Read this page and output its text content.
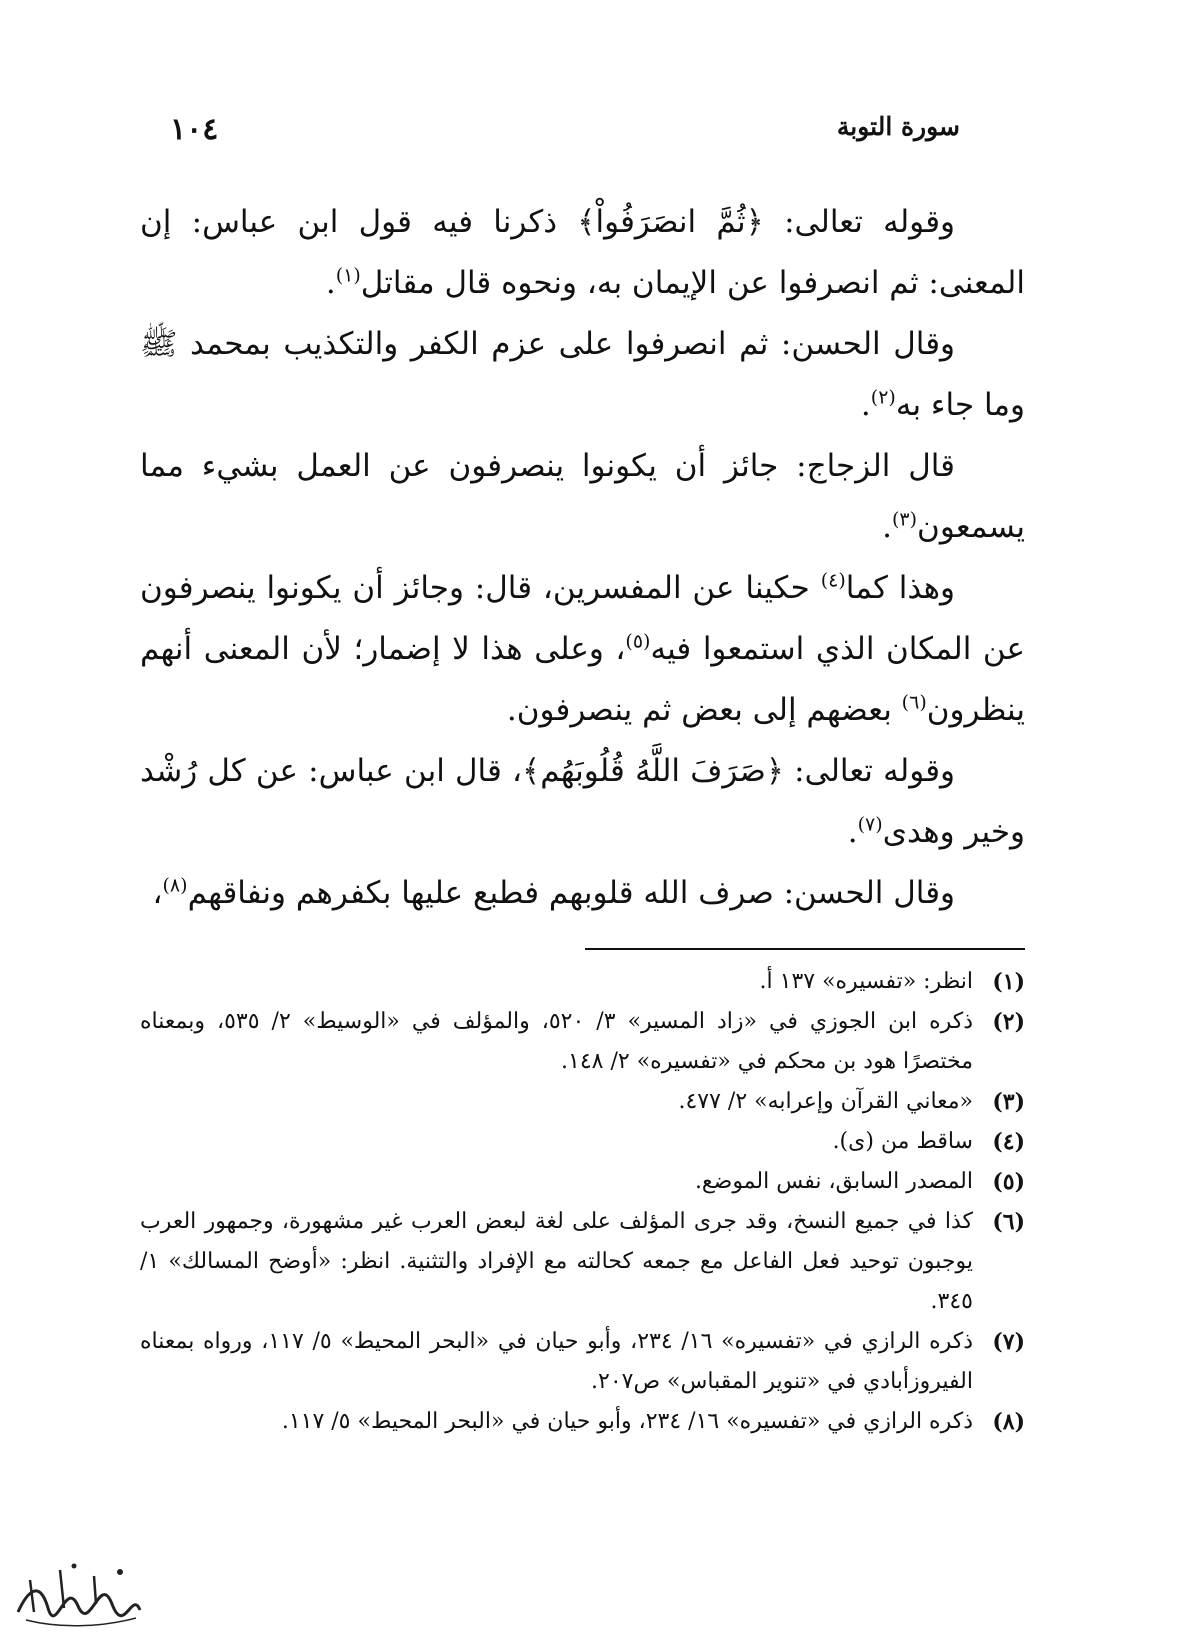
١٠٤	سورة التوبة

وقوله تعالى: ﴿ثُمَّ انصَرَفُواْ﴾ ذكرنا فيه قول ابن عباس: إن المعنى: ثم انصرفوا عن الإيمان به، ونحوه قال مقاتل$^{(١)}$.

وقال الحسن: ثم انصرفوا على عزم الكفر والتكذيب بمحمد ﷺ وما جاء به$^{(٢)}$.

قال الزجاج: جائز أن يكونوا ينصرفون عن العمل بشيء مما يسمعون$^{(٣)}$.

وهذا كما$^{(٤)}$ حكينا عن المفسرين، قال: وجائز أن يكونوا ينصرفون عن المكان الذي استمعوا فيه$^{(٥)}$، وعلى هذا لا إضمار؛ لأن المعنى أنهم ينظرون$^{(٦)}$ بعضهم إلى بعض ثم ينصرفون.

وقوله تعالى: ﴿صَرَفَ اللَّهُ قُلُوبَهُم﴾، قال ابن عباس: عن كل رُشْد وخير وهدى$^{(٧)}$.

وقال الحسن: صرف الله قلوبهم فطبع عليها بكفرهم ونفاقهم$^{(٨)}$،

(١)
انظر: «تفسيره» ١٣٧ أ.
(٢)
ذكره ابن الجوزي في «زاد المسير» ٣/ ٥٢٠، والمؤلف في «الوسيط» ٢/ ٥٣٥، وبمعناه مختصرًا هود بن محكم في «تفسيره» ٢/ ١٤٨.
(٣)
«معاني القرآن وإعرابه» ٢/ ٤٧٧.
(٤)
ساقط من (ى).
(٥)
المصدر السابق، نفس الموضع.
(٦)
كذا في جميع النسخ، وقد جرى المؤلف على لغة لبعض العرب غير مشهورة، وجمهور العرب يوجبون توحيد فعل الفاعل مع جمعه كحالته مع الإفراد والتثنية. انظر: «أوضح المسالك» ١/ ٣٤٥.
(٧)
ذكره الرازي في «تفسيره» ١٦/ ٢٣٤، وأبو حيان في «البحر المحيط» ٥/ ١١٧، ورواه بمعناه الفيروزأبادي في «تنوير المقباس» ص٢٠٧.
(٨)
ذكره الرازي في «تفسيره» ١٦/ ٢٣٤، وأبو حيان في «البحر المحيط» ٥/ ١١٧.
